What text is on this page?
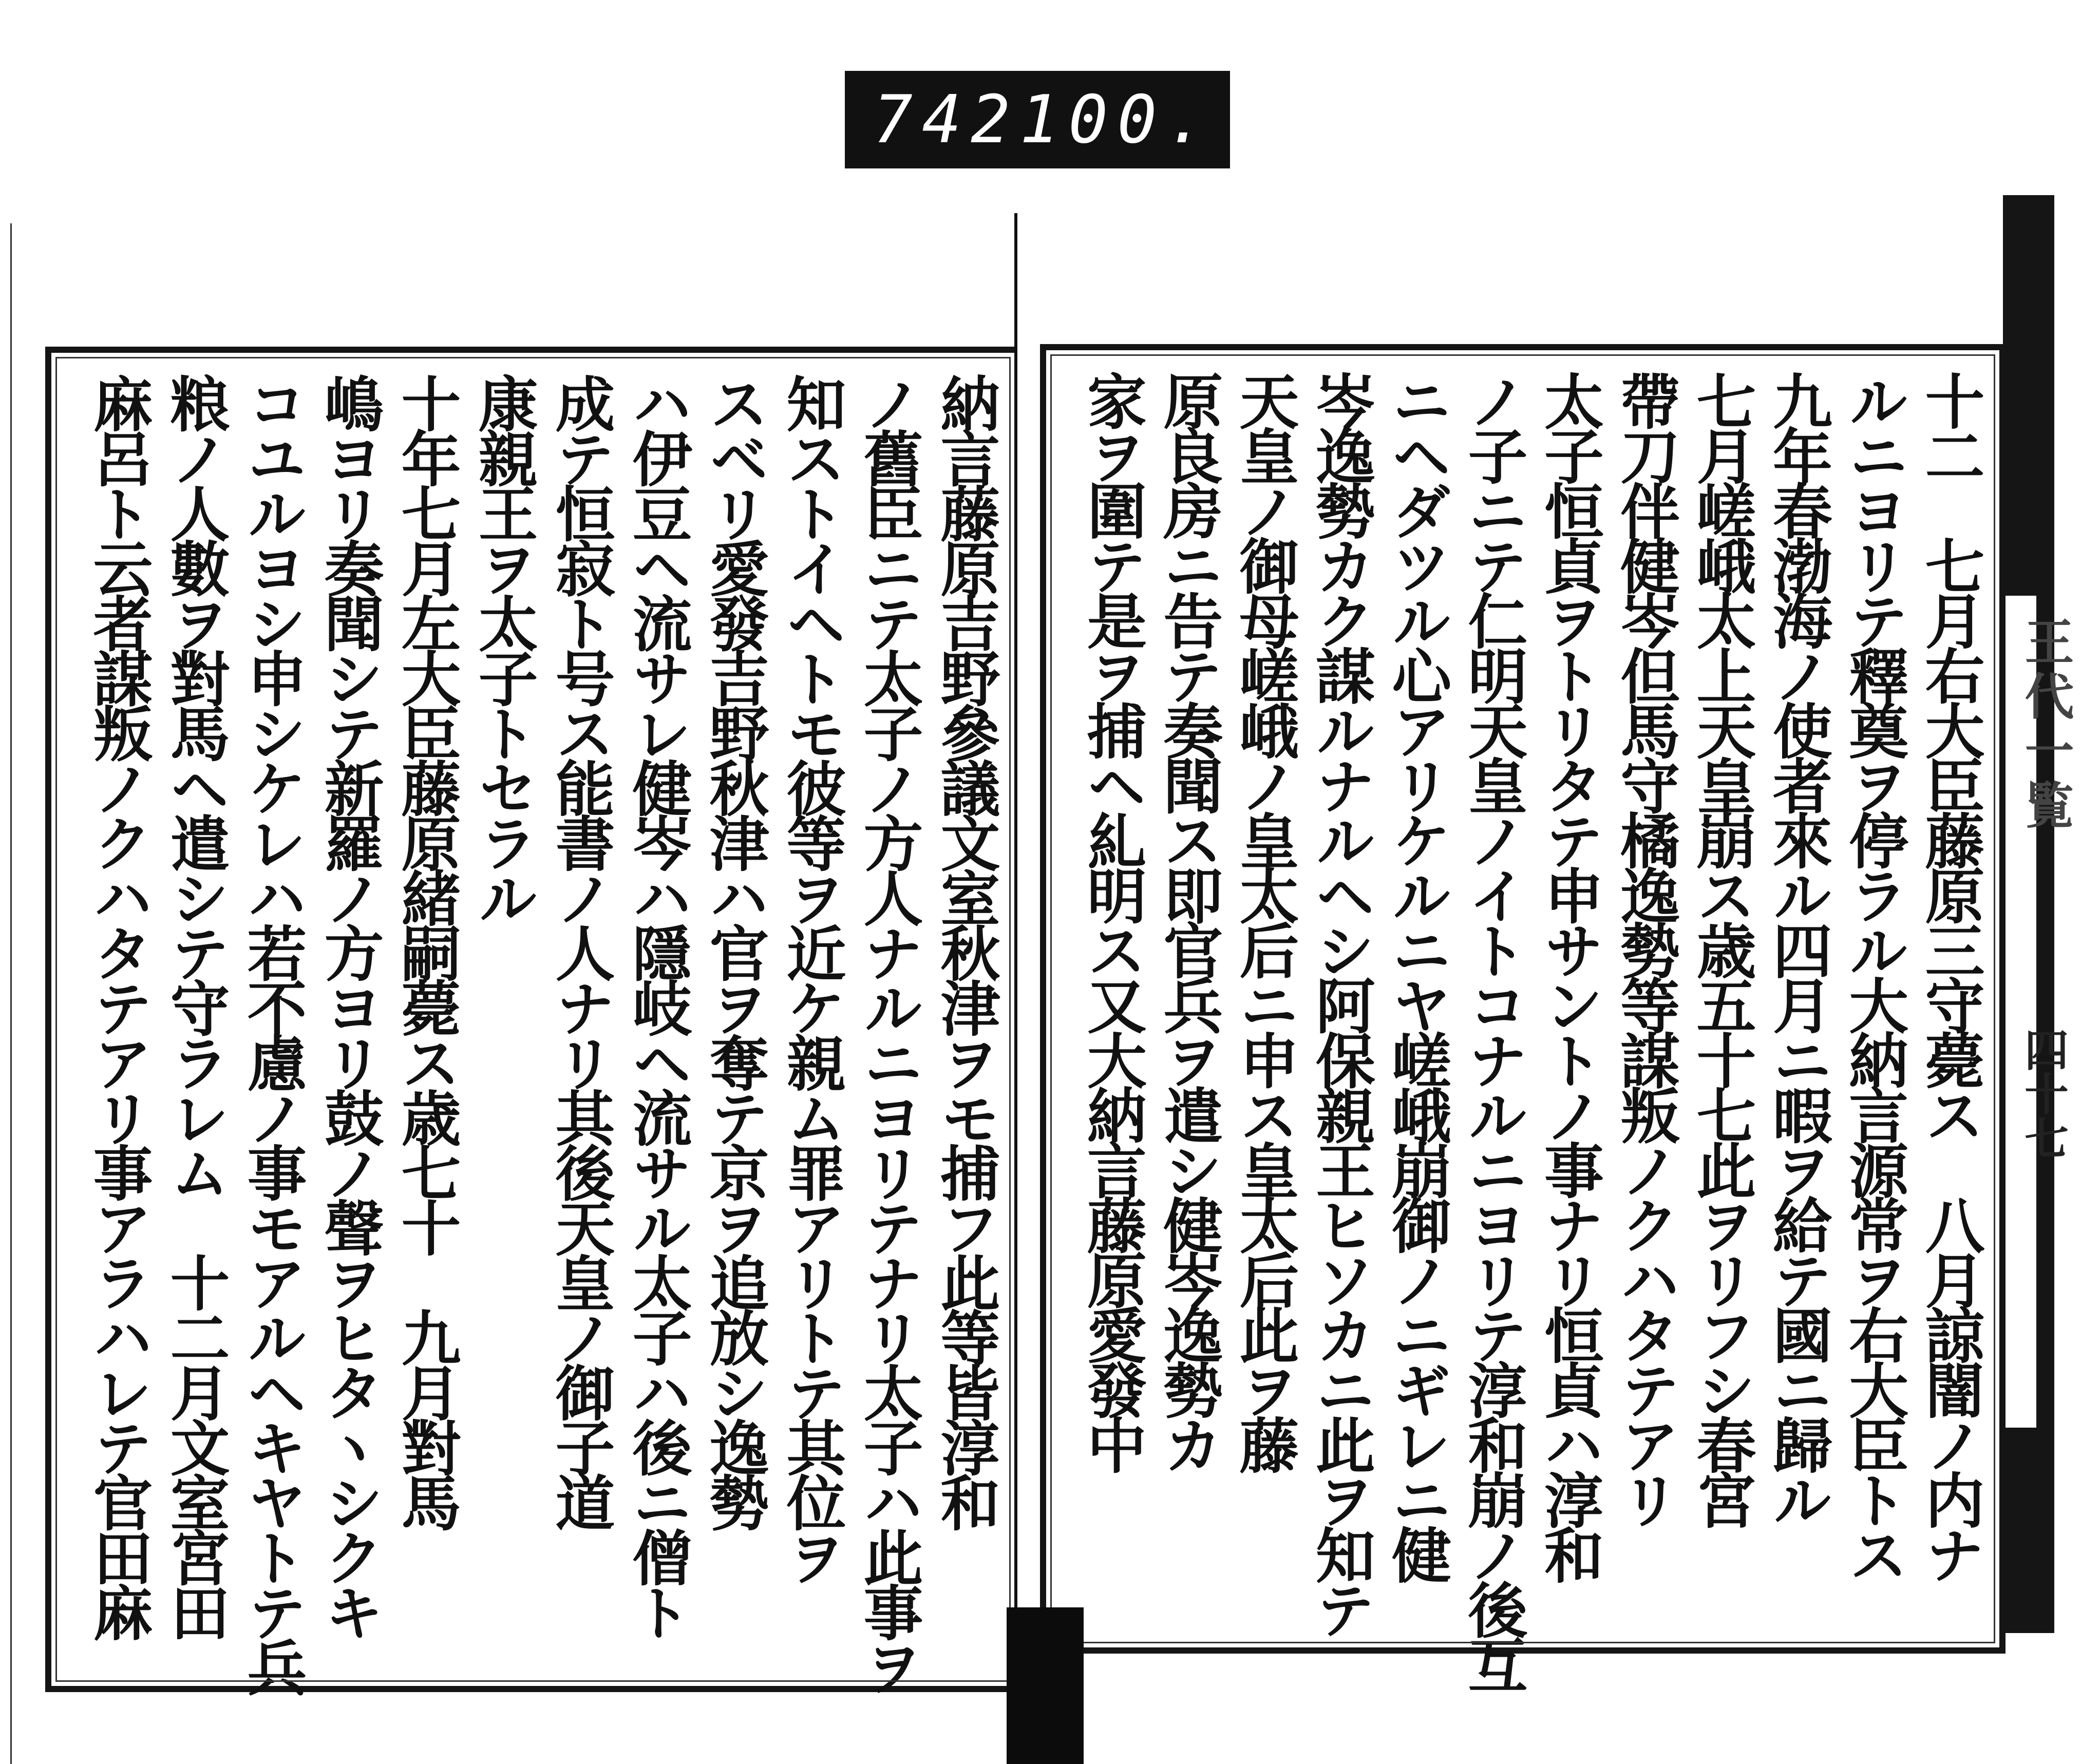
742 100.
納言藤原吉野參議文室秋津ヲモ捕フ此等皆淳和
ノ舊臣ニテ太子ノ方人ナルニヨリテナリ太子ハ此事ヲ
知ストイヘトモ彼等ヲ近ケ親ム罪アリトテ其位ヲ
スベリ愛發吉野秋津ハ官ヲ奪テ京ヲ追放シ逸勢
ハ伊豆ヘ流サレ健岑ハ隱岐ヘ流サル太子ハ後ニ僧ト
成テ恒寂ト号ス能書ノ人ナリ其後天皇ノ御子道
康親王ヲ太子トセラル
十年七月左大臣藤原緒嗣薨ス歳七十　九月對馬
嶋ヨリ奏聞シテ新羅ノ方ヨリ鼓ノ聲ヲヒタヽシクキ
コユルヨシ申シケレハ若不慮ノ事モアルヘキヤトテ兵
粮ノ人數ヲ對馬ヘ遣シテ守ラレム　十二月文室宮田
麻呂ト云者謀叛ノクハタテアリ事アラハレテ官田麻	十二　七月右大臣藤原三守薨ス　八月諒闇ノ内ナ
ルニヨリテ釋奠ヲ停ラル大納言源常ヲ右大臣トス
九年春渤海ノ使者來ル四月ニ暇ヲ給テ國ニ歸ル
七月嵯峨太上天皇崩ス歳五十七此ヲリフシ春宮
帶刀伴健岑但馬守橘逸勢等謀叛ノクハタテアリ
太子恒貞ヲトリタテ申サントノ事ナリ恒貞ハ淳和
ノ子ニテ仁明天皇ノイトコナルニヨリテ淳和崩ノ後互
ニヘダツル心アリケルニヤ嵯峨崩御ノニギレニ健
岑逸勢カク謀ルナルヘシ阿保親王ヒソカニ此ヲ知テ
天皇ノ御母嵯峨ノ皇太后ニ申ス皇太后此ヲ藤
原良房ニ告テ奏聞ス即官兵ヲ遣シ健岑逸勢カ
家ヲ圍テ是ヲ捕ヘ糺明ス又大納言藤原愛發中	王代一覧
四十七
